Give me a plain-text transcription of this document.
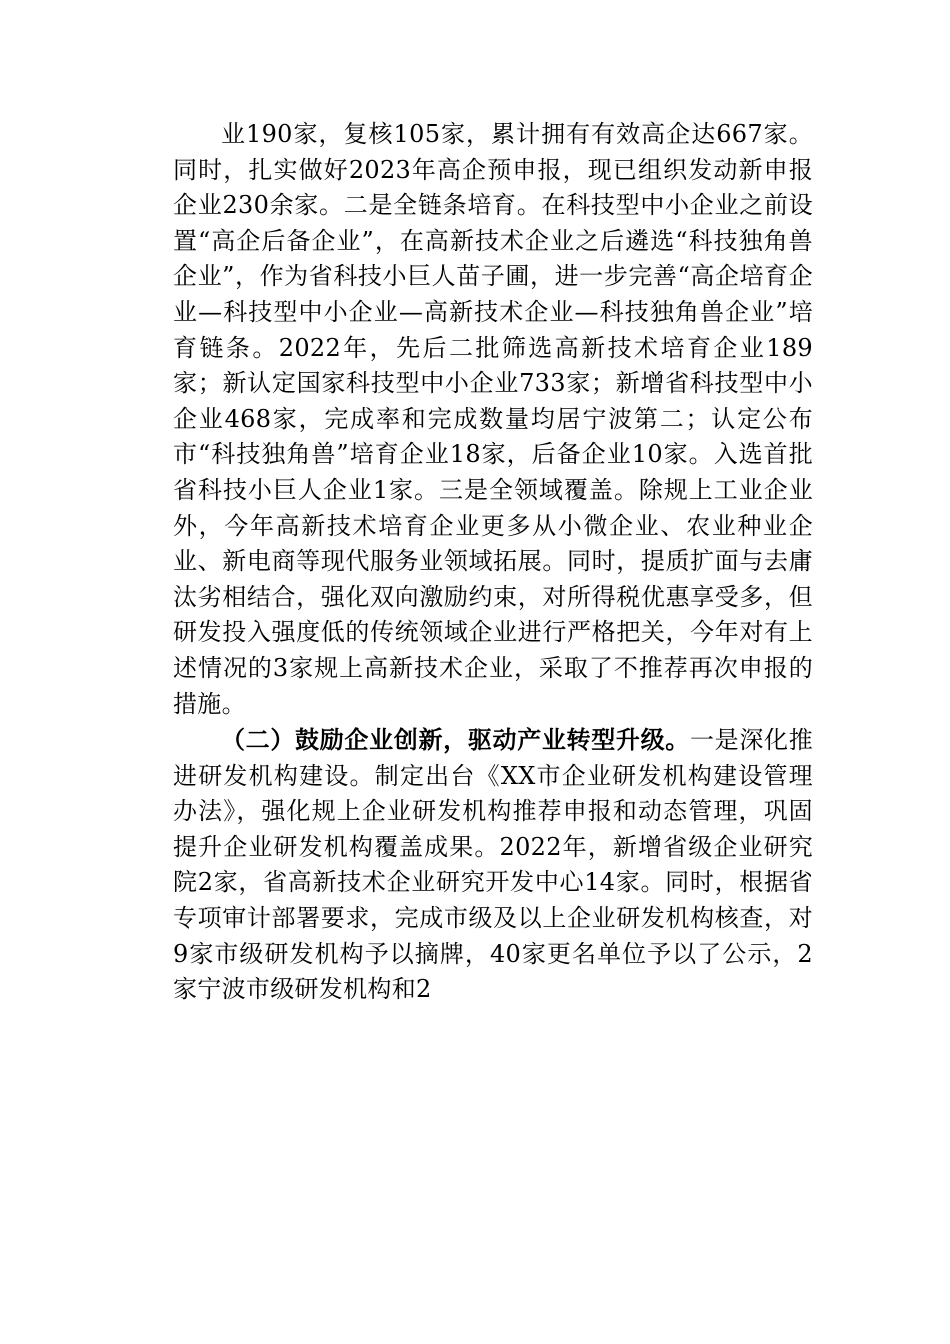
业190家，复核105家，累计拥有有效高企达667家。同时，扎实做好2023年高企预申报，现已组织发动新申报企业230余家。二是全链条培育。在科技型中小企业之前设置“高企后备企业”，在高新技术企业之后遴选“科技独角兽企业”，作为省科技小巨人苗子圃，进一步完善“高企培育企业—科技型中小企业—高新技术企业—科技独角兽企业”培育链条。2022年，先后二批筛选高新技术培育企业189家；新认定国家科技型中小企业733家；新增省科技型中小企业468家，完成率和完成数量均居宁波第二；认定公布市“科技独角兽”培育企业18家，后备企业10家。入选首批省科技小巨人企业1家。三是全领域覆盖。除规上工业企业外，今年高新技术培育企业更多从小微企业、农业种业企业、新电商等现代服务业领域拓展。同时，提质扩面与去庸汰劣相结合，强化双向激励约束，对所得税优惠享受多，但研发投入强度低的传统领域企业进行严格把关，今年对有上述情况的3家规上高新技术企业，采取了不推荐再次申报的措施。

（二）鼓励企业创新，驱动产业转型升级。一是深化推进研发机构建设。制定出台《XX市企业研发机构建设管理办法》，强化规上企业研发机构推荐申报和动态管理，巩固提升企业研发机构覆盖成果。2022年，新增省级企业研究院2家，省高新技术企业研究开发中心14家。同时，根据省专项审计部署要求，完成市级及以上企业研发机构核查，对9家市级研发机构予以摘牌，40家更名单位予以了公示，2家宁波市级研发机构和2
